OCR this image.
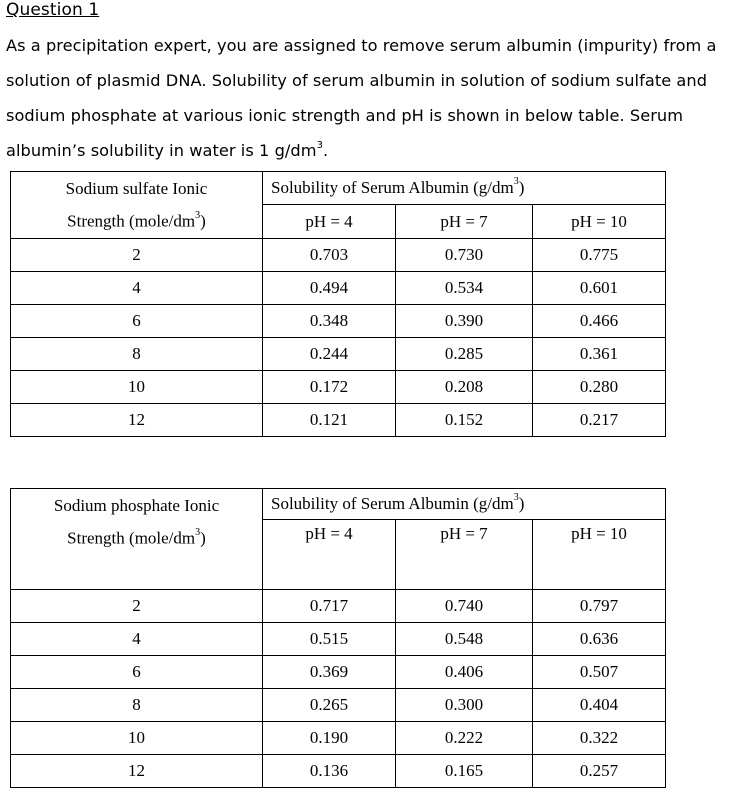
Question 1
As a precipitation expert, you are assigned to remove serum albumin (impurity) from a
solution of plasmid DNA. Solubility of serum albumin in solution of sodium sulfate and
sodium phosphate at various ionic strength and pH is shown in below table. Serum
albumin’s solubility in water is 1 $g/dm^3$.
Sodium sulfate Ionic
Strength $(mole/dm^3)$	Solubility of Serum Albumin $(g/dm^3)$		
	pH = 4	pH = 7	pH = 10
2	0.703	0.730	0.775
4	0.494	0.534	0.601
6	0.348	0.390	0.466
8	0.244	0.285	0.361
10	0.172	0.208	0.280
12	0.121	0.152	0.217
Sodium phosphate Ionic
Strength $(mole/dm^3)$	Solubility of Serum Albumin $(g/dm^3)$		
	pH = 4	pH = 7	pH = 10
2	0.717	0.740	0.797
4	0.515	0.548	0.636
6	0.369	0.406	0.507
8	0.265	0.300	0.404
10	0.190	0.222	0.322
12	0.136	0.165	0.257
